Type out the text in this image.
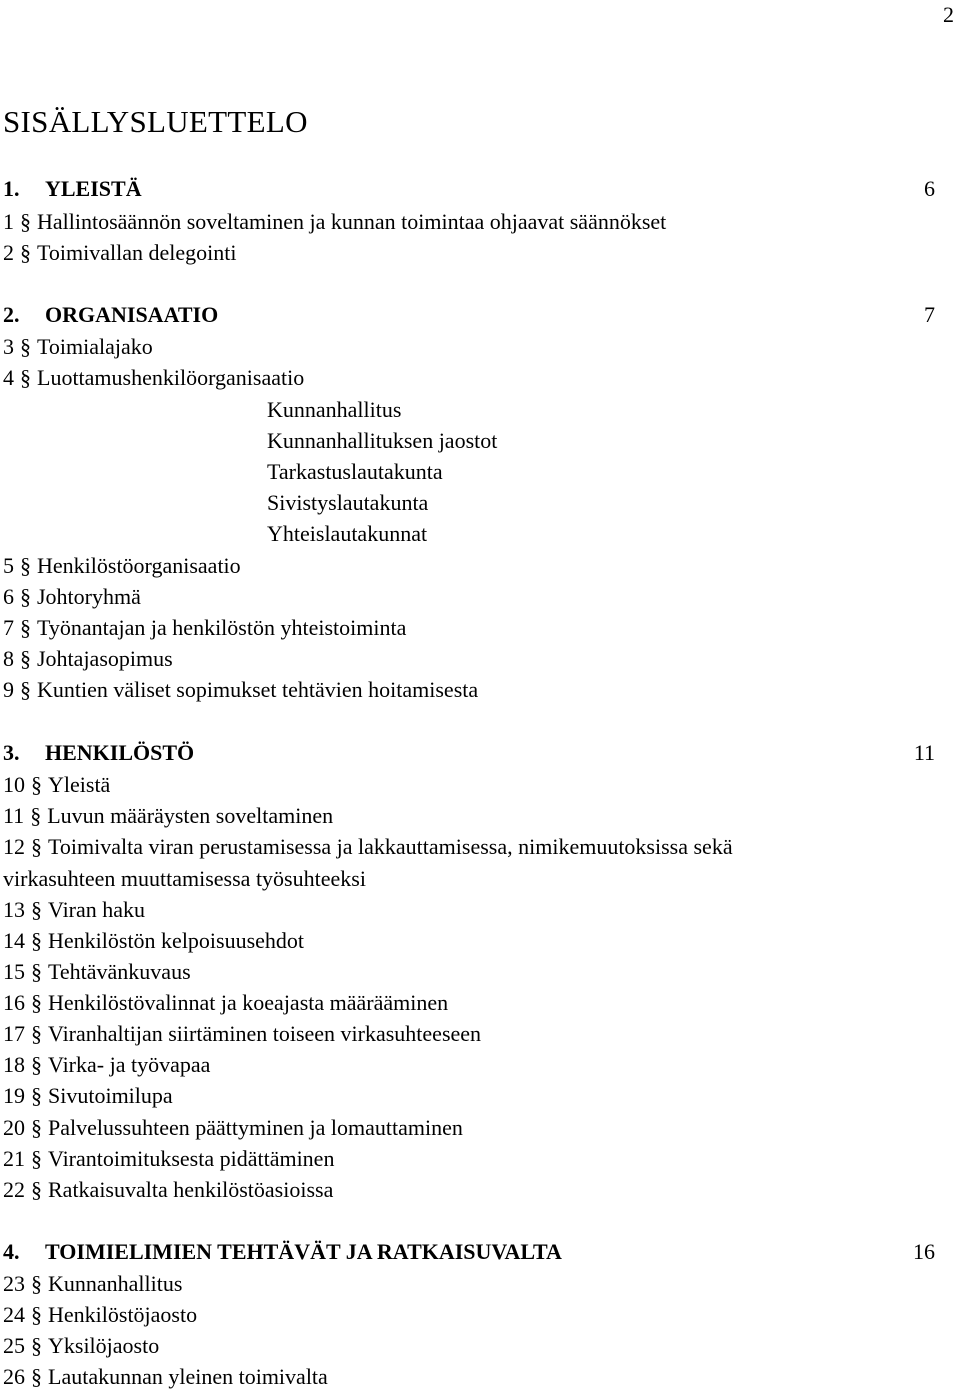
2
SISÄLLYSLUETTELO
1. YLEISTÄ	6
1 § Hallintosäännön soveltaminen ja kunnan toimintaa ohjaavat säännökset
2 § Toimivallan delegointi
2. ORGANISAATIO	7
3 § Toimialajako
4 § Luottamushenkilöorganisaatio
Kunnanhallitus
Kunnanhallituksen jaostot
Tarkastuslautakunta
Sivistyslautakunta
Yhteislautakunnat
5 § Henkilöstöorganisaatio
6 § Johtoryhmä
7 § Työnantajan ja henkilöstön yhteistoiminta
8 § Johtajasopimus
9 § Kuntien väliset sopimukset tehtävien hoitamisesta
3. HENKILÖSTÖ	11
10 § Yleistä
11 § Luvun määräysten soveltaminen
12 § Toimivalta viran perustamisessa ja lakkauttamisessa, nimikemuutoksissa sekä
virkasuhteen muuttamisessa työsuhteeksi
13 § Viran haku
14 § Henkilöstön kelpoisuusehdot
15 § Tehtävänkuvaus
16 § Henkilöstövalinnat ja koeajasta määrääminen
17 § Viranhaltijan siirtäminen toiseen virkasuhteeseen
18 § Virka- ja työvapaa
19 § Sivutoimilupa
20 § Palvelussuhteen päättyminen ja lomauttaminen
21 § Virantoimituksesta pidättäminen
22 § Ratkaisuvalta henkilöstöasioissa
4. TOIMIELIMIEN TEHTÄVÄT JA RATKAISUVALTA	16
23 § Kunnanhallitus
24 § Henkilöstöjaosto
25 § Yksilöjaosto
26 § Lautakunnan yleinen toimivalta
